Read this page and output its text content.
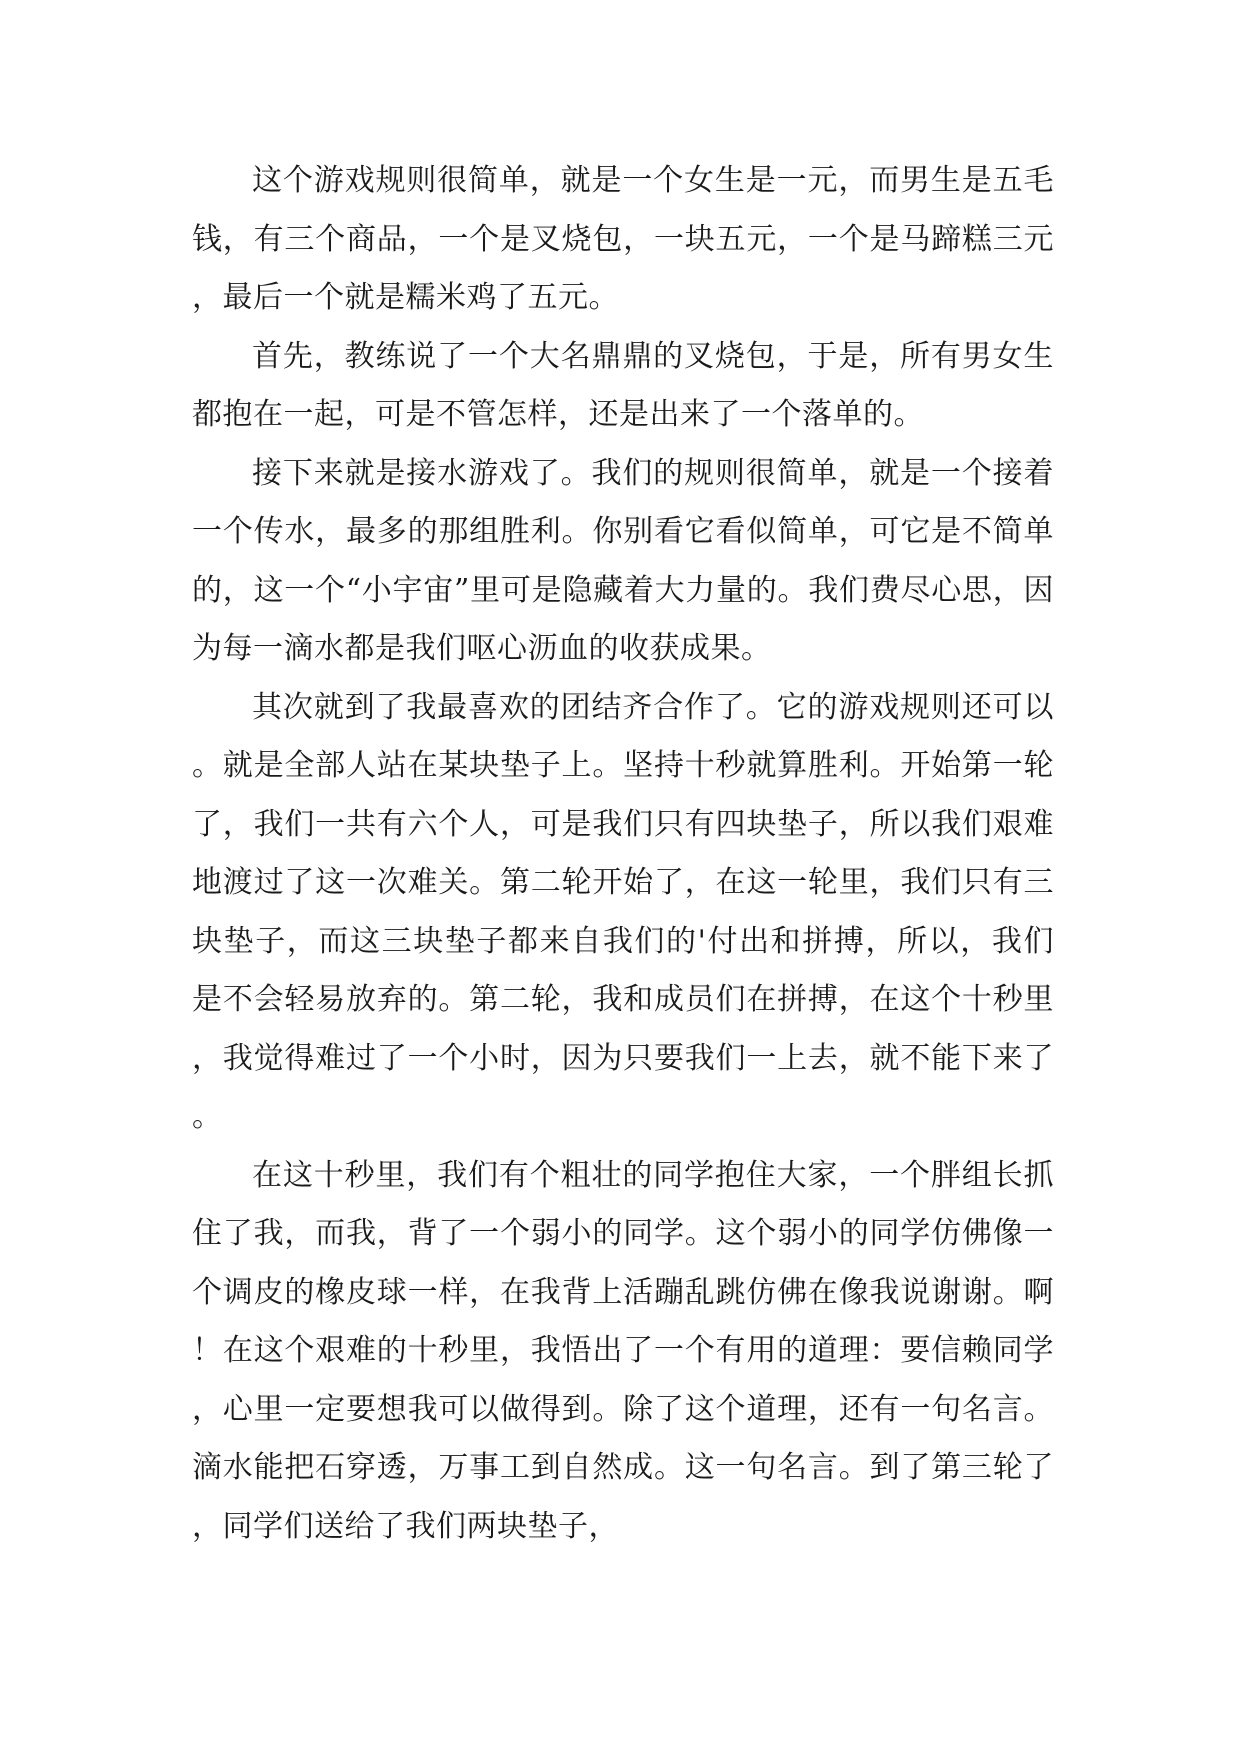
这个游戏规则很简单，就是一个女生是一元，而男生是五毛钱，有三个商品，一个是叉烧包，一块五元，一个是马蹄糕三元，最后一个就是糯米鸡了五元。

首先，教练说了一个大名鼎鼎的叉烧包，于是，所有男女生都抱在一起，可是不管怎样，还是出来了一个落单的。

接下来就是接水游戏了。我们的规则很简单，就是一个接着一个传水，最多的那组胜利。你别看它看似简单，可它是不简单的，这一个“小宇宙”里可是隐藏着大力量的。我们费尽心思，因为每一滴水都是我们呕心沥血的收获成果。

其次就到了我最喜欢的团结齐合作了。它的游戏规则还可以。就是全部人站在某块垫子上。坚持十秒就算胜利。开始第一轮了，我们一共有六个人，可是我们只有四块垫子，所以我们艰难地渡过了这一次难关。第二轮开始了，在这一轮里，我们只有三块垫子，而这三块垫子都来自我们的'付出和拼搏，所以，我们是不会轻易放弃的。第二轮，我和成员们在拼搏，在这个十秒里，我觉得难过了一个小时，因为只要我们一上去，就不能下来了。

在这十秒里，我们有个粗壮的同学抱住大家，一个胖组长抓住了我，而我，背了一个弱小的同学。这个弱小的同学仿佛像一个调皮的橡皮球一样，在我背上活蹦乱跳仿佛在像我说谢谢。啊！在这个艰难的十秒里，我悟出了一个有用的道理：要信赖同学，心里一定要想我可以做得到。除了这个道理，还有一句名言。滴水能把石穿透，万事工到自然成。这一句名言。到了第三轮了，同学们送给了我们两块垫子，
